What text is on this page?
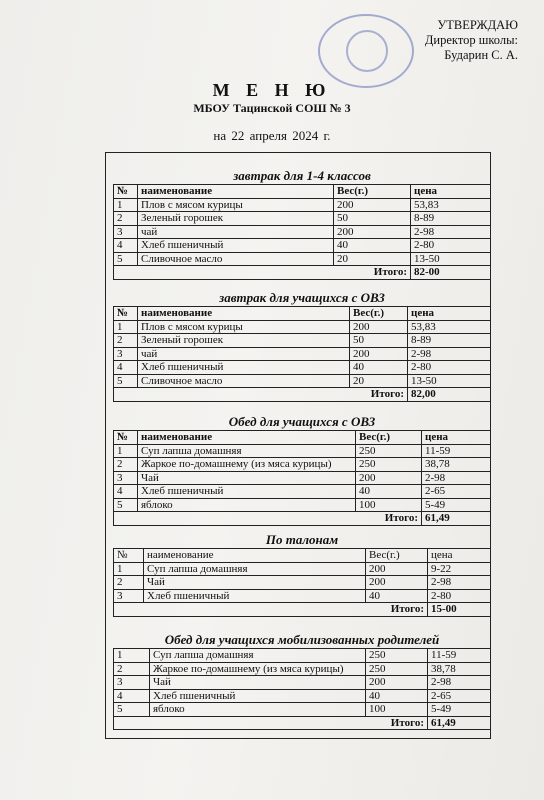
УТВЕРЖДАЮ
Директор школы:
Бударин С. А.
М Е Н Ю
МБОУ Тацинской СОШ № 3
на 22 апреля 2024 г.
завтрак для 1-4 классов
№	наименование	Вес(г.)	цена
1	Плов с мясом курицы	200	53,83
2	Зеленый горошек	50	8-89
3	чай	200	2-98
4	Хлеб пшеничный	40	2-80
5	Сливочное масло	20	13-50
Итого:			82-00
завтрак для учащихся с ОВЗ
№	наименование	Вес(г.)	цена
1	Плов с мясом курицы	200	53,83
2	Зеленый горошек	50	8-89
3	чай	200	2-98
4	Хлеб пшеничный	40	2-80
5	Сливочное масло	20	13-50
Итого:			82,00
Обед для учащихся с ОВЗ
№	наименование	Вес(г.)	цена
1	Суп лапша домашняя	250	11-59
2	Жаркое по-домашнему (из мяса курицы)	250	38,78
3	Чай	200	2-98
4	Хлеб пшеничный	40	2-65
5	яблоко	100	5-49
Итого:			61,49
По талонам
№	наименование	Вес(г.)	цена
1	Суп лапша домашняя	200	9-22
2	Чай	200	2-98
3	Хлеб пшеничный	40	2-80
Итого:			15-00
Обед для учащихся мобилизованных родителей
1	Суп лапша домашняя	250	11-59
2	Жаркое по-домашнему (из мяса курицы)	250	38,78
3	Чай	200	2-98
4	Хлеб пшеничный	40	2-65
5	яблоко	100	5-49
Итого:			61,49
